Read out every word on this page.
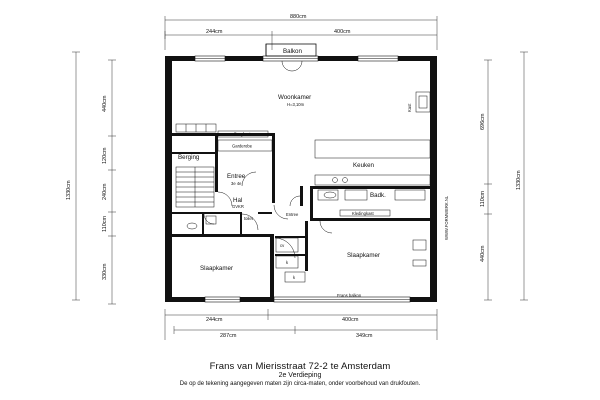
880cm
244cm	400cm
244cm	400cm
287cm	349cm
1330cm
440cm
120cm
240cm
110cm
330cm
696cm
110cm
440cm
1330cm
Balkon
Woonkamer
H=3,10m
Bergkast
Garderobe
Berging
Keuken
Entree
3e 4e
Hal
GVKR
Entree
Badk.
Kledingkast
Slaapkamer
Slaapkamer
Frans balkon
cv
k
k
Kast
WWW.FORMWERK.NL
toilet
Frans van Mierisstraat 72-2 te Amsterdam
2e Verdieping
De op de tekening aangegeven maten zijn circa-maten, onder voorbehoud van drukfouten.
